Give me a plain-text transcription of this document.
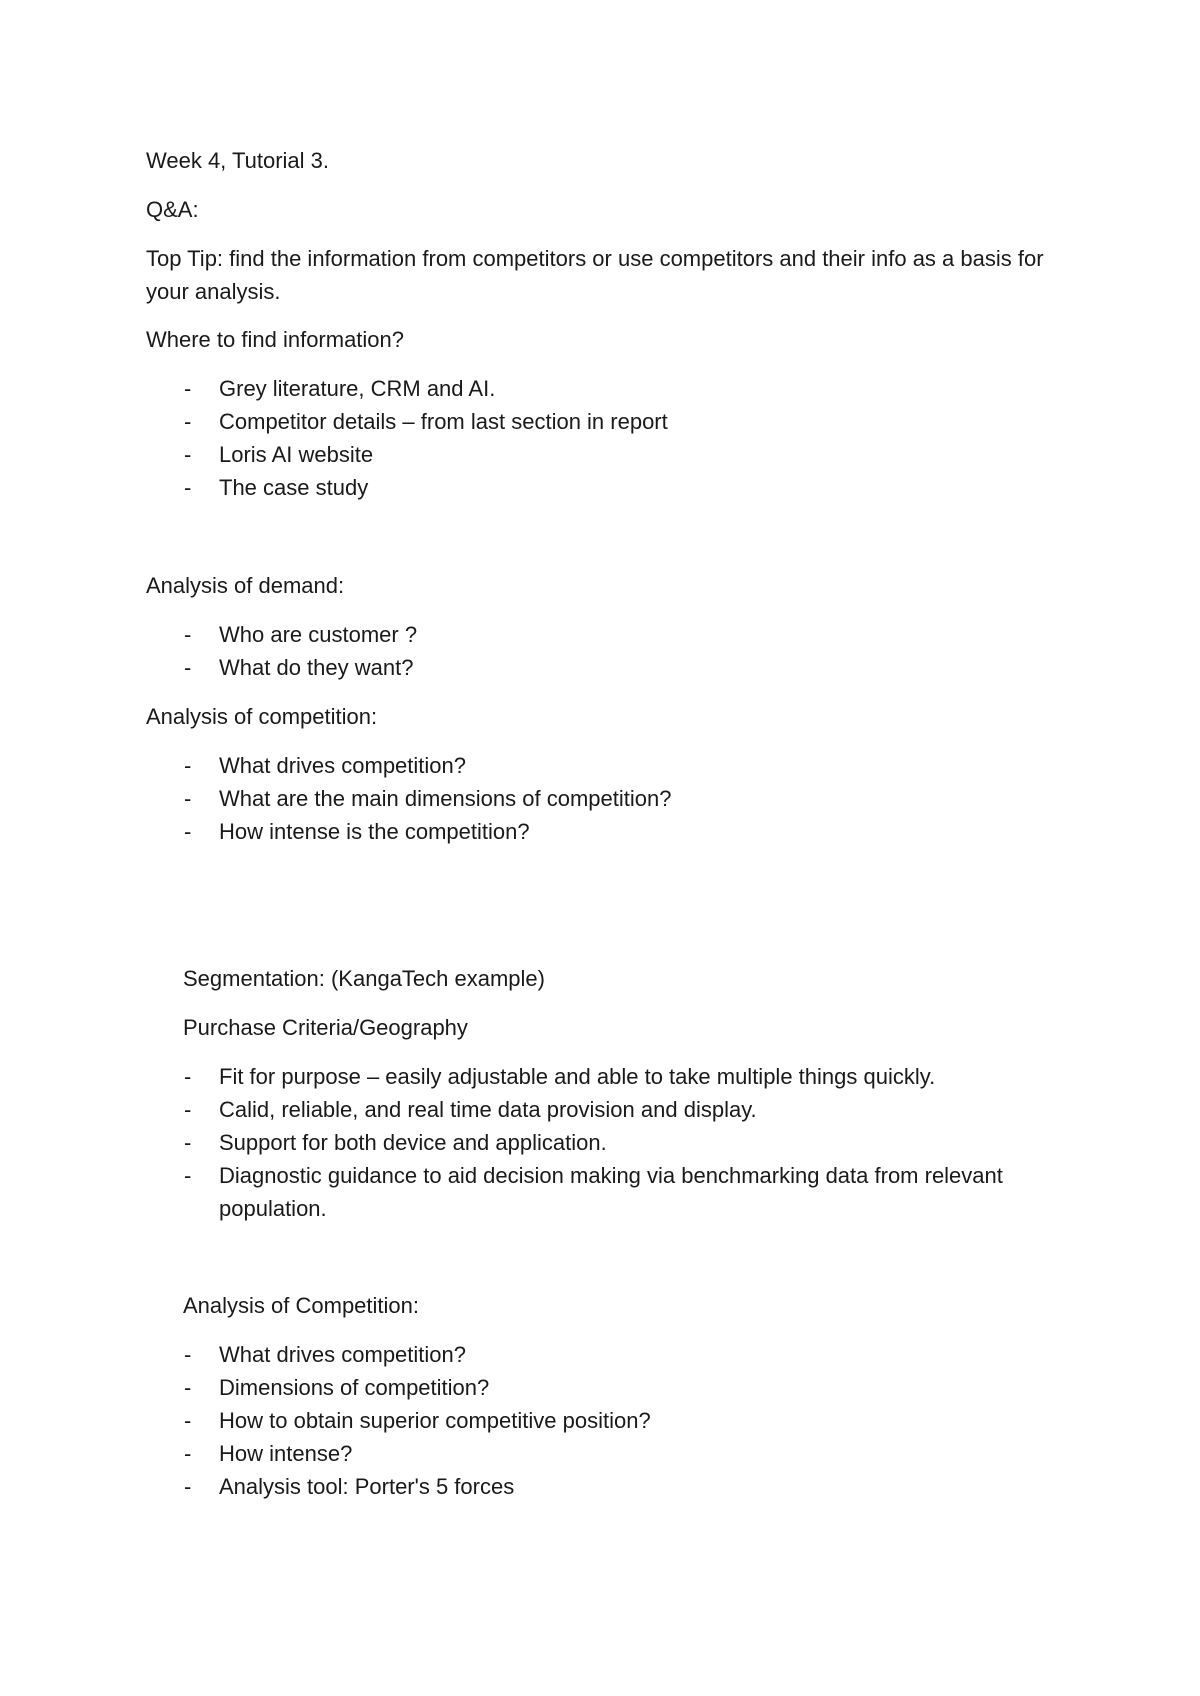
Week 4, Tutorial 3.

Q&A:

Top Tip: find the information from competitors or use competitors and their info as a basis for your analysis.

Where to find information?

- Grey literature, CRM and AI.
- Competitor details – from last section in report
- Loris AI website
- The case study

Analysis of demand:

- Who are customer ?
- What do they want?

Analysis of competition:

- What drives competition?
- What are the main dimensions of competition?
- How intense is the competition?

Segmentation: (KangaTech example)

Purchase Criteria/Geography

- Fit for purpose – easily adjustable and able to take multiple things quickly.
- Calid, reliable, and real time data provision and display.
- Support for both device and application.
- Diagnostic guidance to aid decision making via benchmarking data from relevant population.

Analysis of Competition:

- What drives competition?
- Dimensions of competition?
- How to obtain superior competitive position?
- How intense?
- Analysis tool: Porter's 5 forces
